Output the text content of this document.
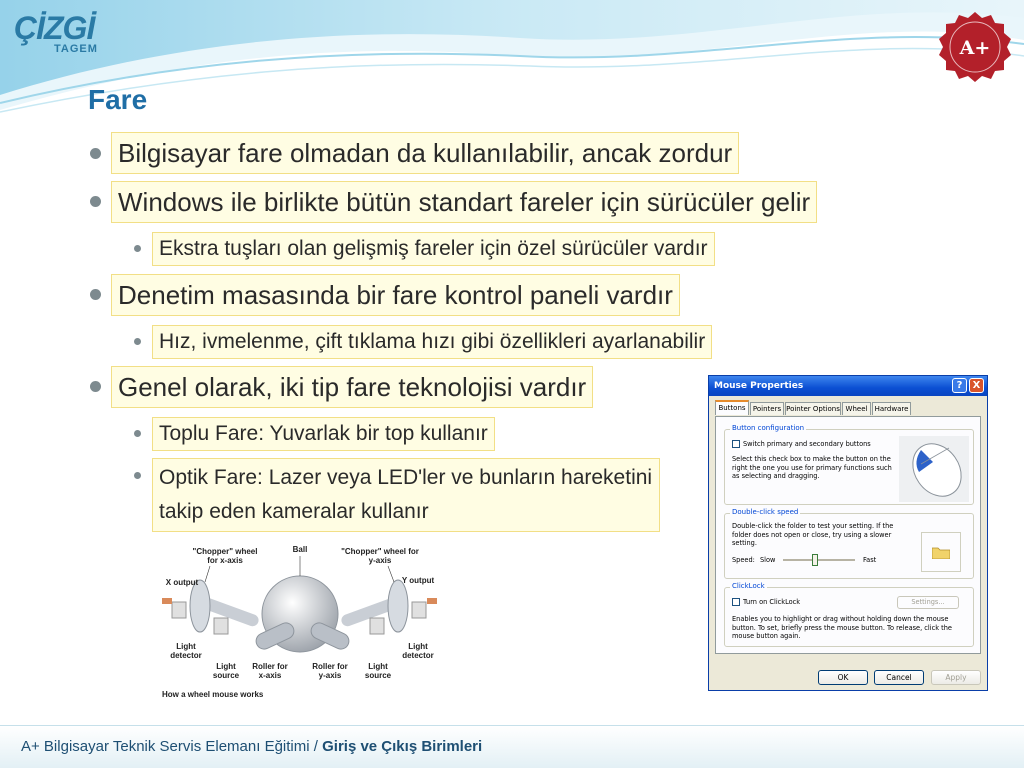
ÇİZGİ
TAGEM	A+
Fare
Bilgisayar fare olmadan da kullanılabilir, ancak zordur
Windows ile birlikte bütün standart fareler için sürücüler gelir
Ekstra tuşları olan gelişmiş fareler için özel sürücüler vardır
Denetim masasında bir fare kontrol paneli vardır
Hız, ivmelenme, çift tıklama hızı gibi özellikleri ayarlanabilir
Genel olarak, iki tip fare teknolojisi vardır
Toplu Fare: Yuvarlak bir top kullanır
Optik Fare: Lazer veya LED'ler ve bunların hareketini takip eden kameralar kullanır
"Chopper" wheel for x-axis
Ball	"Chopper" wheel for y-axis
X output	Y output
Light detector
Light source
Roller for x-axis
Roller for y-axis
Light source
Light detector
How a wheel mouse works
Mouse Properties	?	X
Buttons	Pointers Pointer Options Wheel	Hardware
Button configuration
Switch primary and secondary buttons
Select this check box to make the button on the right the one you use for primary functions such as selecting and dragging.
Double-click speed
Double-click the folder to test your setting. If the folder does not open or close, try using a slower setting.
Speed: Slow	Fast
ClickLock
Turn on ClickLock	Settings...
Enables you to highlight or drag without holding down the mouse button. To set, briefly press the mouse button. To release, click the mouse button again.
OK	Cancel	Apply
A+ Bilgisayar Teknik Servis Elemanı Eğitimi / Giriş ve Çıkış Birimleri
